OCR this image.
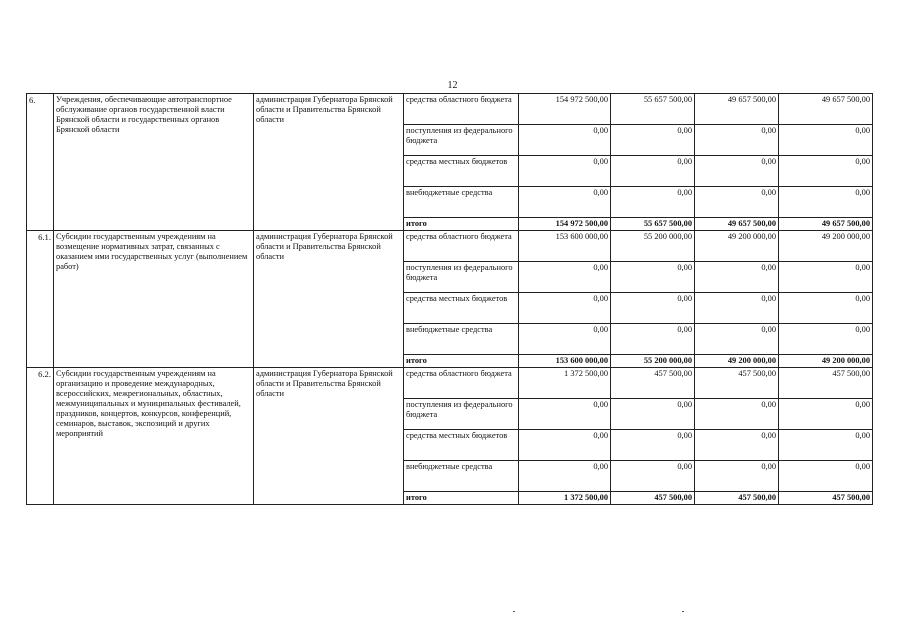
12
6.	Учреждения, обеспечивающие автотранспортное обслуживание органов государственной власти Брянской области и государственных органов Брянской области	администрация Губернатора Брянской области и Правительства Брянской области	средства областного бюджета	154 972 500,00	55 657 500,00	49 657 500,00	49 657 500,00
			поступления из федерального бюджета	0,00	0,00	0,00	0,00
			средства местных бюджетов	0,00	0,00	0,00	0,00
			внебюджетные средства	0,00	0,00	0,00	0,00
			итого	154 972 500,00	55 657 500,00	49 657 500,00	49 657 500,00
6.1.	Субсидии государственным учреждениям на возмещение нормативных затрат, связанных с оказанием ими государственных услуг (выполнением работ)	администрация Губернатора Брянской области и Правительства Брянской области	средства областного бюджета	153 600 000,00	55 200 000,00	49 200 000,00	49 200 000,00
			поступления из федерального бюджета	0,00	0,00	0,00	0,00
			средства местных бюджетов	0,00	0,00	0,00	0,00
			внебюджетные средства	0,00	0,00	0,00	0,00
			итого	153 600 000,00	55 200 000,00	49 200 000,00	49 200 000,00
6.2.	Субсидии государственным учреждениям на организацию и проведение международных, всероссийских, межрегиональных, областных, межмуниципальных и муниципальных фестивалей, праздников, концертов, конкурсов, конференций, семинаров, выставок, экспозиций и других мероприятий	администрация Губернатора Брянской области и Правительства Брянской области	средства областного бюджета	1 372 500,00	457 500,00	457 500,00	457 500,00
			поступления из федерального бюджета	0,00	0,00	0,00	0,00
			средства местных бюджетов	0,00	0,00	0,00	0,00
			внебюджетные средства	0,00	0,00	0,00	0,00
			итого	1 372 500,00	457 500,00	457 500,00	457 500,00
